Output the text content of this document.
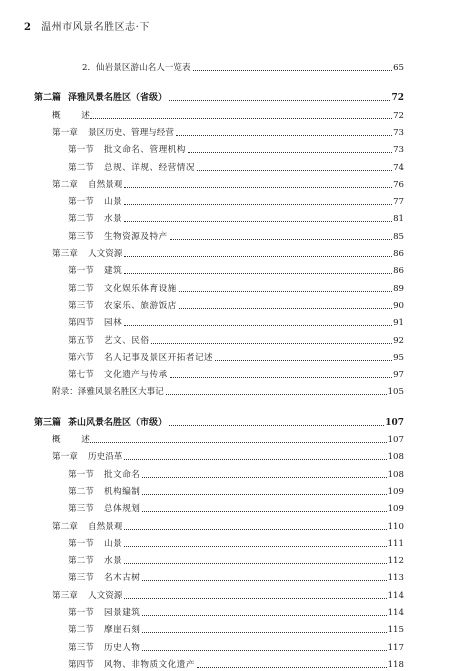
2 温州市风景名胜区志·下
2．仙岩景区游山名人一览表	65
第二篇 泽雅风景名胜区（省级）	72
概　述	72
第一章	景区历史、管理与经营	73
第一节	批文命名、管理机构	73
第二节	总规、详规、经营情况	74
第二章	自然景观	76
第一节	山景	77
第二节	水景	81
第三节	生物资源及特产	85
第三章	人文资源	86
第一节	建筑	86
第二节	文化娱乐体育设施	89
第三节	农家乐、旅游饭店	90
第四节	园林	91
第五节	艺文、民俗	92
第六节	名人记事及景区开拓者记述	95
第七节	文化遗产与传承	97
附录：泽雅风景名胜区大事记	105
第三篇 茶山风景名胜区（市级）	107
概　述	107
第一章	历史沿革	108
第一节	批文命名	108
第二节	机构编制	109
第三节	总体规划	109
第二章	自然景观	110
第一节	山景	111
第二节	水景	112
第三节	名木古树	113
第三章	人文资源	114
第一节	园景建筑	114
第二节	摩崖石刻	115
第三节	历史人物	117
第四节	风物、非物质文化遗产	118
